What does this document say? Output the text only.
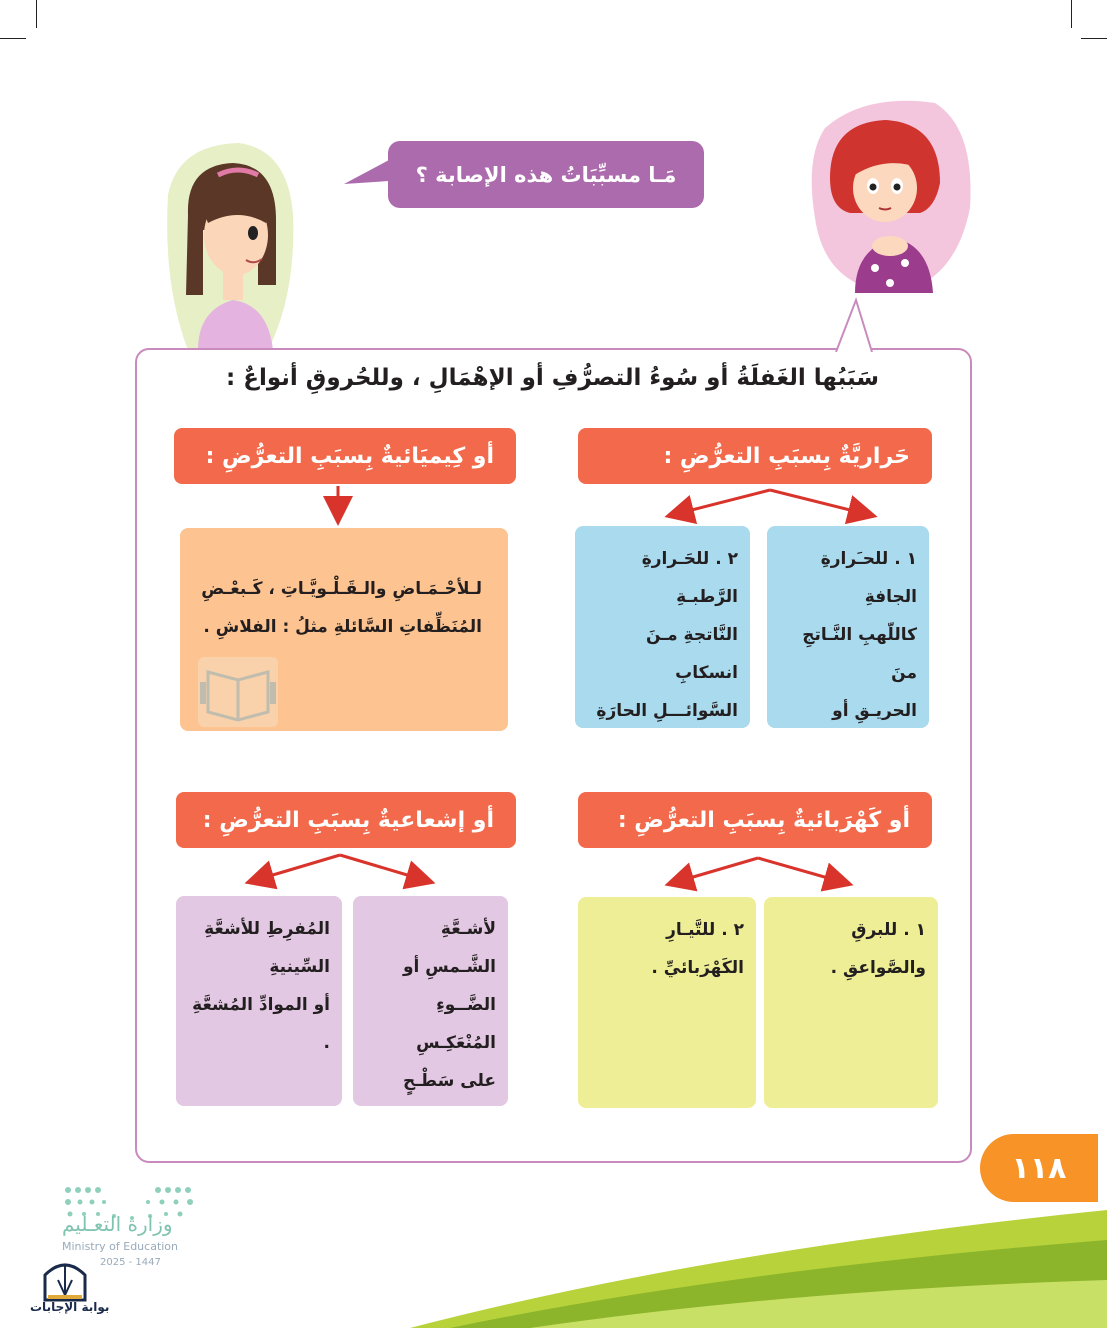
مَـا مسبِّبَاتُ هذه الإصابة ؟
سَبَبُها الغَفلَةُ أو سُوءُ التصرُّفِ أو الإهْمَالِ ، وللحُروقِ أنواعٌ :
حَراريَّةٌ بِسبَبِ التعرُّضِ :
أو كِيميَائيةٌ بِسبَبِ التعرُّضِ :
أو كَهْرَبائيةٌ بِسبَبِ التعرُّضِ :
أو إشعاعيةٌ بِسبَبِ التعرُّضِ :
١ . للحـَرارةِ الجافةِ
كاللّهبِ النَّـاتجِ منَ
الحريـقِ أو
٢ . للحَـرارةِ الرَّطبـةِ
النَّاتجةِ مـنَ انسكابِ
السَّوائـــلِ الحارَةِ
لـلأحْـمَـاضِ والـقَـلْـويَّـاتِ ، كَـبعْـضِ
المُنَظِّفاتِ السَّائلةِ مثلُ : الفلاشِ .
١ . للبرقِ والصَّواعقِ .
٢ . للتَّيـارِ الكَهْرَبائيِّ .
لأشـعَّةِ الشَّـمسِ أو
الضَّــوءِ المُنْعَكِـسِ
على سَطْـحٍ
المُفرِطِ للأشعَّةِ السِّينيةِ
أو الموادِّ المُشعَّةِ .
١١٨
وزارة التعـليم
Ministry of Education
2025 - 1447
بوابة الإجابات
